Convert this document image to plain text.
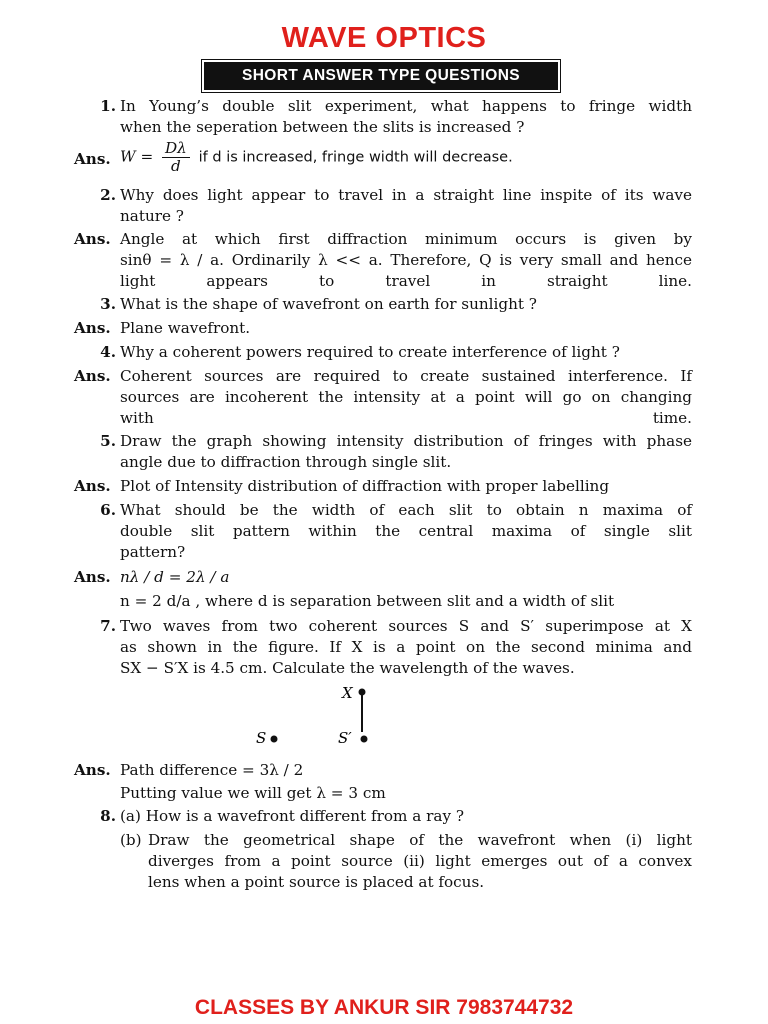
WAVE OPTICS
SHORT ANSWER TYPE QUESTIONS
1. In Young’s double slit experiment, what happens to fringe width
when the seperation between the slits is increased ?
Ans. $W = \frac{D\lambda}{d}$ if d is increased, fringe width will decrease.
2. Why does light appear to travel in a straight line inspite of its wave
nature ?
Ans. Angle at which first diffraction minimum occurs is given by
sinθ = λ / a. Ordinarily λ << a. Therefore, Q is very small and hence
light appears to travel in straight line.
3. What is the shape of wavefront on earth for sunlight ?
Ans. Plane wavefront.
4. Why a coherent powers required to create interference of light ?
Ans. Coherent sources are required to create sustained interference. If
sources are incoherent the intensity at a point will go on changing
with time.
5. Draw the graph showing intensity distribution of fringes with phase
angle due to diffraction through single slit.
Ans. Plot of Intensity distribution of diffraction with proper labelling
6. What should be the width of each slit to obtain n maxima of
double slit pattern within the central maxima of single slit
pattern?
Ans. nλ / d = 2λ / a
n = 2 d/a , where d is separation between slit and a width of slit
7. Two waves from two coherent sources S and S′ superimpose at X
as shown in the figure. If X is a point on the second minima and
SX − S′X is 4.5 cm. Calculate the wavelength of the waves.
X
S′
S
Ans. Path difference = 3λ / 2
Putting value we will get λ = 3 cm
8. (a) How is a wavefront different from a ray ?
(b) Draw the geometrical shape of the wavefront when (i) light
diverges from a point source (ii) light emerges out of a convex
lens when a point source is placed at focus.
CLASSES BY ANKUR SIR 7983744732
